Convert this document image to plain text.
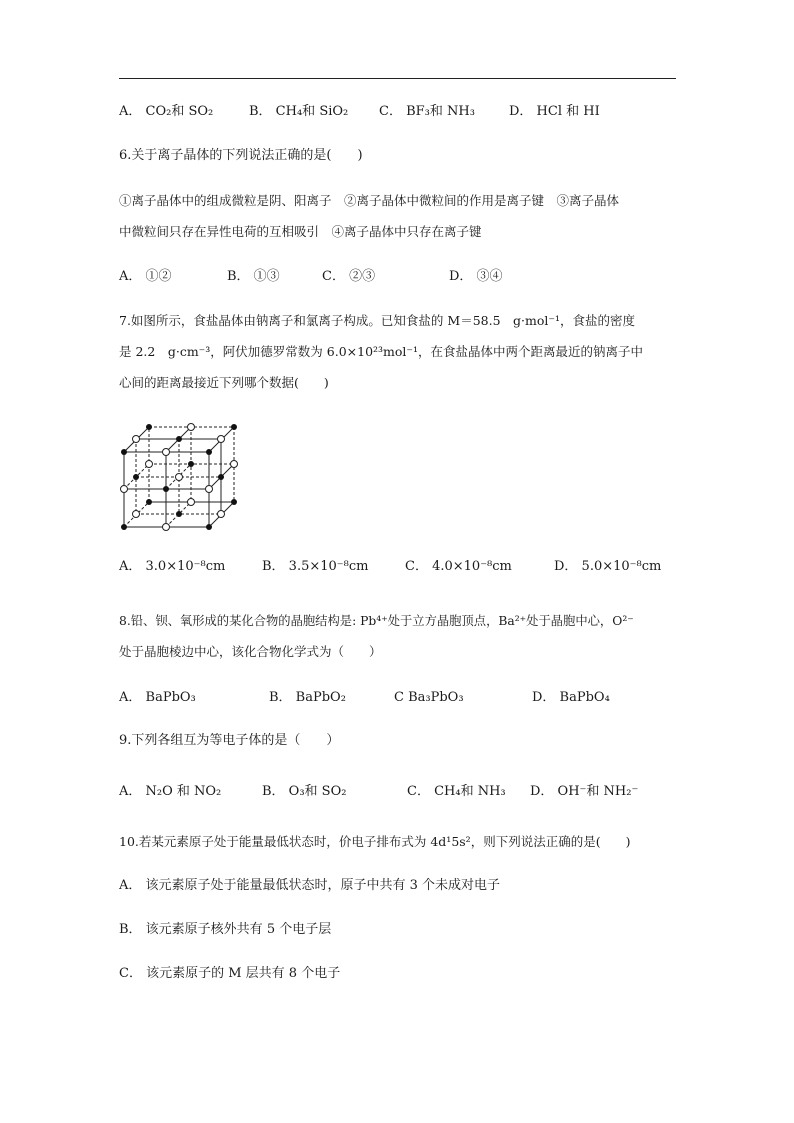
A． CO₂和 SO₂	B． CH₄和 SiO₂ C． BF₃和 NH₃	D． HCl 和 HI
6.关于离子晶体的下列说法正确的是(　　)
①离子晶体中的组成微粒是阴、阳离子　②离子晶体中微粒间的作用是离子键　③离子晶体
中微粒间只存在异性电荷的互相吸引　④离子晶体中只存在离子键
A． ①②	B． ①③	C． ②③	D． ③④
7.如图所示，食盐晶体由钠离子和氯离子构成。已知食盐的 M＝58.5　g·mol⁻¹，食盐的密度
是 2.2　g·cm⁻³，阿伏加德罗常数为 6.0×10²³mol⁻¹，在食盐晶体中两个距离最近的钠离子中
心间的距离最接近下列哪个数据(　　)
A． 3.0×10⁻⁸cm	B． 3.5×10⁻⁸cm	C． 4.0×10⁻⁸cm	D． 5.0×10⁻⁸cm
8.铅、钡、氧形成的某化合物的晶胞结构是: Pb⁴⁺处于立方晶胞顶点，Ba²⁺处于晶胞中心，O²⁻
处于晶胞棱边中心，该化合物化学式为（　　）
A． BaPbO₃	B． BaPbO₂	C Ba₃PbO₃	D． BaPbO₄
9.下列各组互为等电子体的是（　　）
A． N₂O 和 NO₂	B． O₃和 SO₂	C． CH₄和 NH₃ D． OH⁻和 NH₂⁻
10.若某元素原子处于能量最低状态时，价电子排布式为 4d¹5s²，则下列说法正确的是(　　)
A． 该元素原子处于能量最低状态时，原子中共有 3 个未成对电子
B． 该元素原子核外共有 5 个电子层
C． 该元素原子的 M 层共有 8 个电子
